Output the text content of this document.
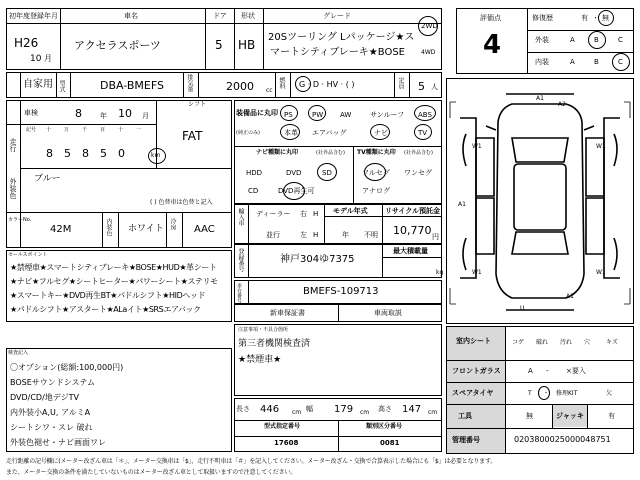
初年度登録年月
H26
10 月
車名
アクセラスポーツ
ドア
5
形状
HB
グレード
20Sツーリング Lパッケージ★ス
マートシティブレーキ★BOSE
2WD
4WD
評価点
4
修復歴	有 ・ 無
外装	A	B	C
内装	A	B	C
自家用 型式	DBA-BMEFS	排気量	2000 cc
燃料 G · D · HV · ( )	定員 5 人
車検	8	年 10 月
シフト
FAT
走行
記号 十	万	千	百	十	一
8 5 8 5 0	km
外装色 ブルー
( ) 色替車は色替と記入
カラーNo.
42M	内装色 ホワイト 冷房 AAC
装備品に丸印
(純正のみ)
PS	PW AW	サンルーフ ABS
本革 エアバッグ	ナビ	TV
ナビ種類に丸印	(社外品含む) TV種類に丸印 (社外品含む)
HDD	DVD	SD
CD	DVD再生可
フルセグ ワンセグ
アナログ
輸入車 ディーラー
並行
右 H
左 H
モデル年式
年 不明
リサイクル預託金
10,770 円
登録番号	神戸304ゆ7375
最大積載量
kg
車台番号	BMEFS-109713
新車保証書	車両取説
セールスポイント
★禁煙車★スマートシティブレーキ★BOSE★HUD★革シート
★ナビ★フルセグ★シートヒーター★パワーシート★ステリモ
★スマートキー★DVD再生BT★パドルシフト★HIDヘッド
★パドルシフト★アスタート★ALaイト★SRSエアバック
注意事項・不具合箇所
第三者機関検査済
★禁煙車★
検査記入
〇オプション(総額:100,000円)
BOSEサウンドシステム
DVD/CD/地デジTV
内外装小A,U, アルミA
シートシワ・スレ 破れ
外装色褪せ・ナビ画面ワレ
長さ 446 cm 幅 179 cm 高さ 147 cm
型式指定番号	類別区分番号
17608	0081
A1
A2
W1	W1
W1	W1
A1
A1
U
室内シート	コゲ 破れ 汚れ 穴	キズ
フロントガラス	A - ×要入
スペアタイヤ	T ・ 修理KIT	欠
工具	無	ジャッキ	有
管理番号	0203800025000048751
走行距離の記号欄に(メーター改ざん車は「＊」、メーター交換車は「$」、走行不明車は「＃」を記入してください。メーター改ざん・交換で合算表示した場合にも「$」は必要となります。
また、メーター交換の条件を満たしていないものはメーター改ざん車として取扱いますので注意してください。
